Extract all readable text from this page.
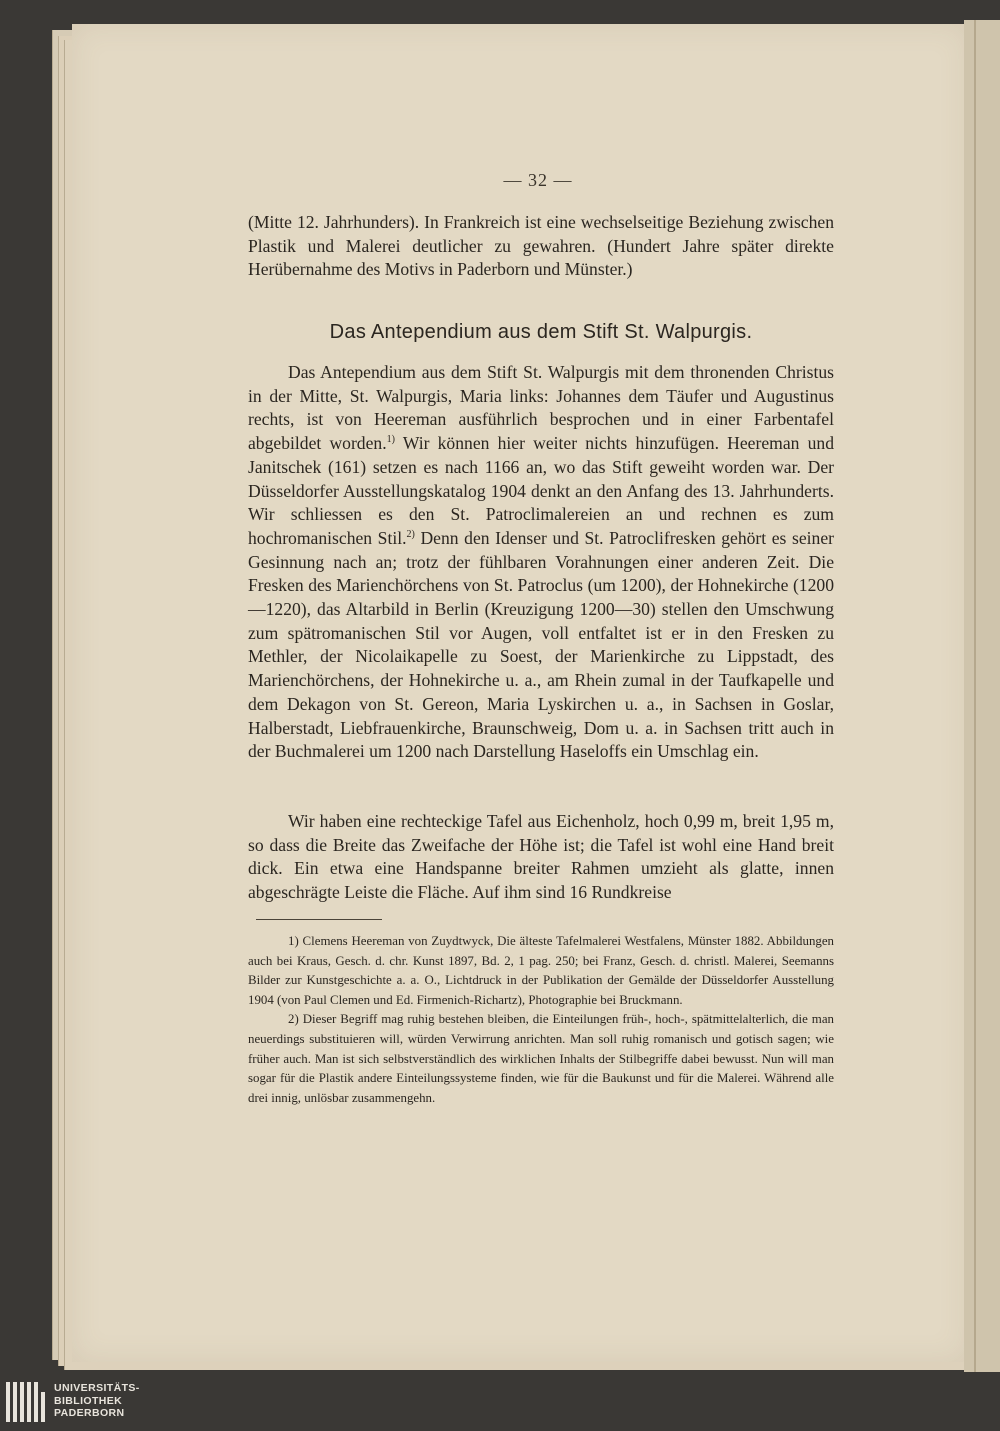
— 32 —

(Mitte 12. Jahrhunders). In Frankreich ist eine wechselseitige Beziehung zwischen Plastik und Malerei deutlicher zu gewahren. (Hundert Jahre später direkte Herübernahme des Motivs in Paderborn und Münster.)

Das Antependium aus dem Stift St. Walpurgis.

Das Antependium aus dem Stift St. Walpurgis mit dem thronenden Christus in der Mitte, St. Walpurgis, Maria links: Johannes dem Täufer und Augustinus rechts, ist von Heereman ausführlich besprochen und in einer Farbentafel abgebildet worden.$^{1)}$ Wir können hier weiter nichts hinzufügen. Heereman und Janitschek (161) setzen es nach 1166 an, wo das Stift geweiht worden war. Der Düsseldorfer Ausstellungskatalog 1904 denkt an den Anfang des 13. Jahrhunderts. Wir schliessen es den St. Patroclimalereien an und rechnen es zum hochromanischen Stil.$^{2)}$ Denn den Idenser und St. Patroclifresken gehört es seiner Gesinnung nach an; trotz der fühlbaren Vorahnungen einer anderen Zeit. Die Fresken des Marienchörchens von St. Patroclus (um 1200), der Hohnekirche (1200—1220), das Altarbild in Berlin (Kreuzigung 1200—30) stellen den Umschwung zum spätromanischen Stil vor Augen, voll entfaltet ist er in den Fresken zu Methler, der Nicolaikapelle zu Soest, der Marienkirche zu Lippstadt, des Marienchörchens, der Hohnekirche u. a., am Rhein zumal in der Taufkapelle und dem Dekagon von St. Gereon, Maria Lyskirchen u. a., in Sachsen in Goslar, Halberstadt, Liebfrauenkirche, Braunschweig, Dom u. a. in Sachsen tritt auch in der Buchmalerei um 1200 nach Darstellung Haseloffs ein Umschlag ein.

Wir haben eine rechteckige Tafel aus Eichenholz, hoch 0,99 m, breit 1,95 m, so dass die Breite das Zweifache der Höhe ist; die Tafel ist wohl eine Hand breit dick. Ein etwa eine Handspanne breiter Rahmen umzieht als glatte, innen abgeschrägte Leiste die Fläche. Auf ihm sind 16 Rundkreise

1) Clemens Heereman von Zuydtwyck, Die älteste Tafelmalerei Westfalens, Münster 1882. Abbildungen auch bei Kraus, Gesch. d. chr. Kunst 1897, Bd. 2, 1 pag. 250; bei Franz, Gesch. d. christl. Malerei, Seemanns Bilder zur Kunstgeschichte a. a. O., Lichtdruck in der Publikation der Gemälde der Düsseldorfer Ausstellung 1904 (von Paul Clemen und Ed. Firmenich-Richartz), Photographie bei Bruckmann.

2) Dieser Begriff mag ruhig bestehen bleiben, die Einteilungen früh-, hoch-, spätmittelalterlich, die man neuerdings substituieren will, würden Verwirrung anrichten. Man soll ruhig romanisch und gotisch sagen; wie früher auch. Man ist sich selbstverständlich des wirklichen Inhalts der Stilbegriffe dabei bewusst. Nun will man sogar für die Plastik andere Einteilungssysteme finden, wie für die Baukunst und für die Malerei. Während alle drei innig, unlösbar zusammengehn.

UNIVERSITÄTS-
BIBLIOTHEK
PADERBORN
